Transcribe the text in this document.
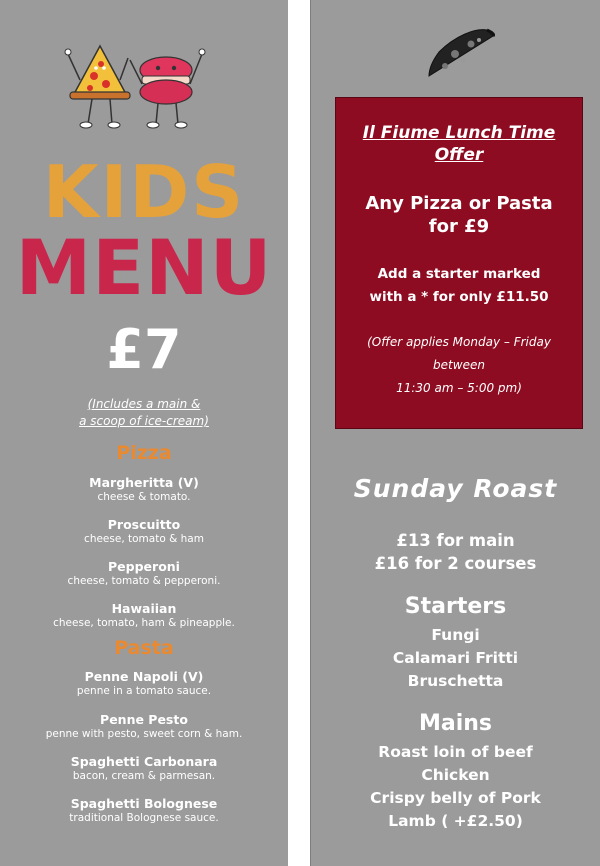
KIDS
MENU
£7
(Includes a main &
a scoop of ice-cream)
Pizza
Margheritta (V)
cheese & tomato.
Proscuitto
cheese, tomato & ham
Pepperoni
cheese, tomato & pepperoni.
Hawaiian
cheese, tomato, ham & pineapple.
Pasta
Penne Napoli (V)
penne in a tomato sauce.
Penne Pesto
penne with pesto, sweet corn & ham.
Spaghetti Carbonara
bacon, cream & parmesan.
Spaghetti Bolognese
traditional Bolognese sauce.
Il Fiume Lunch Time
Offer
Any Pizza or Pasta
for £9
Add a starter marked
with a * for only £11.50
(Offer applies Monday – Friday
between
11:30 am – 5:00 pm)
Sunday Roast
£13 for main
£16 for 2 courses
Starters
Fungi
Calamari Fritti
Bruschetta
Mains
Roast loin of beef
Chicken
Crispy belly of Pork
Lamb ( +£2.50)
